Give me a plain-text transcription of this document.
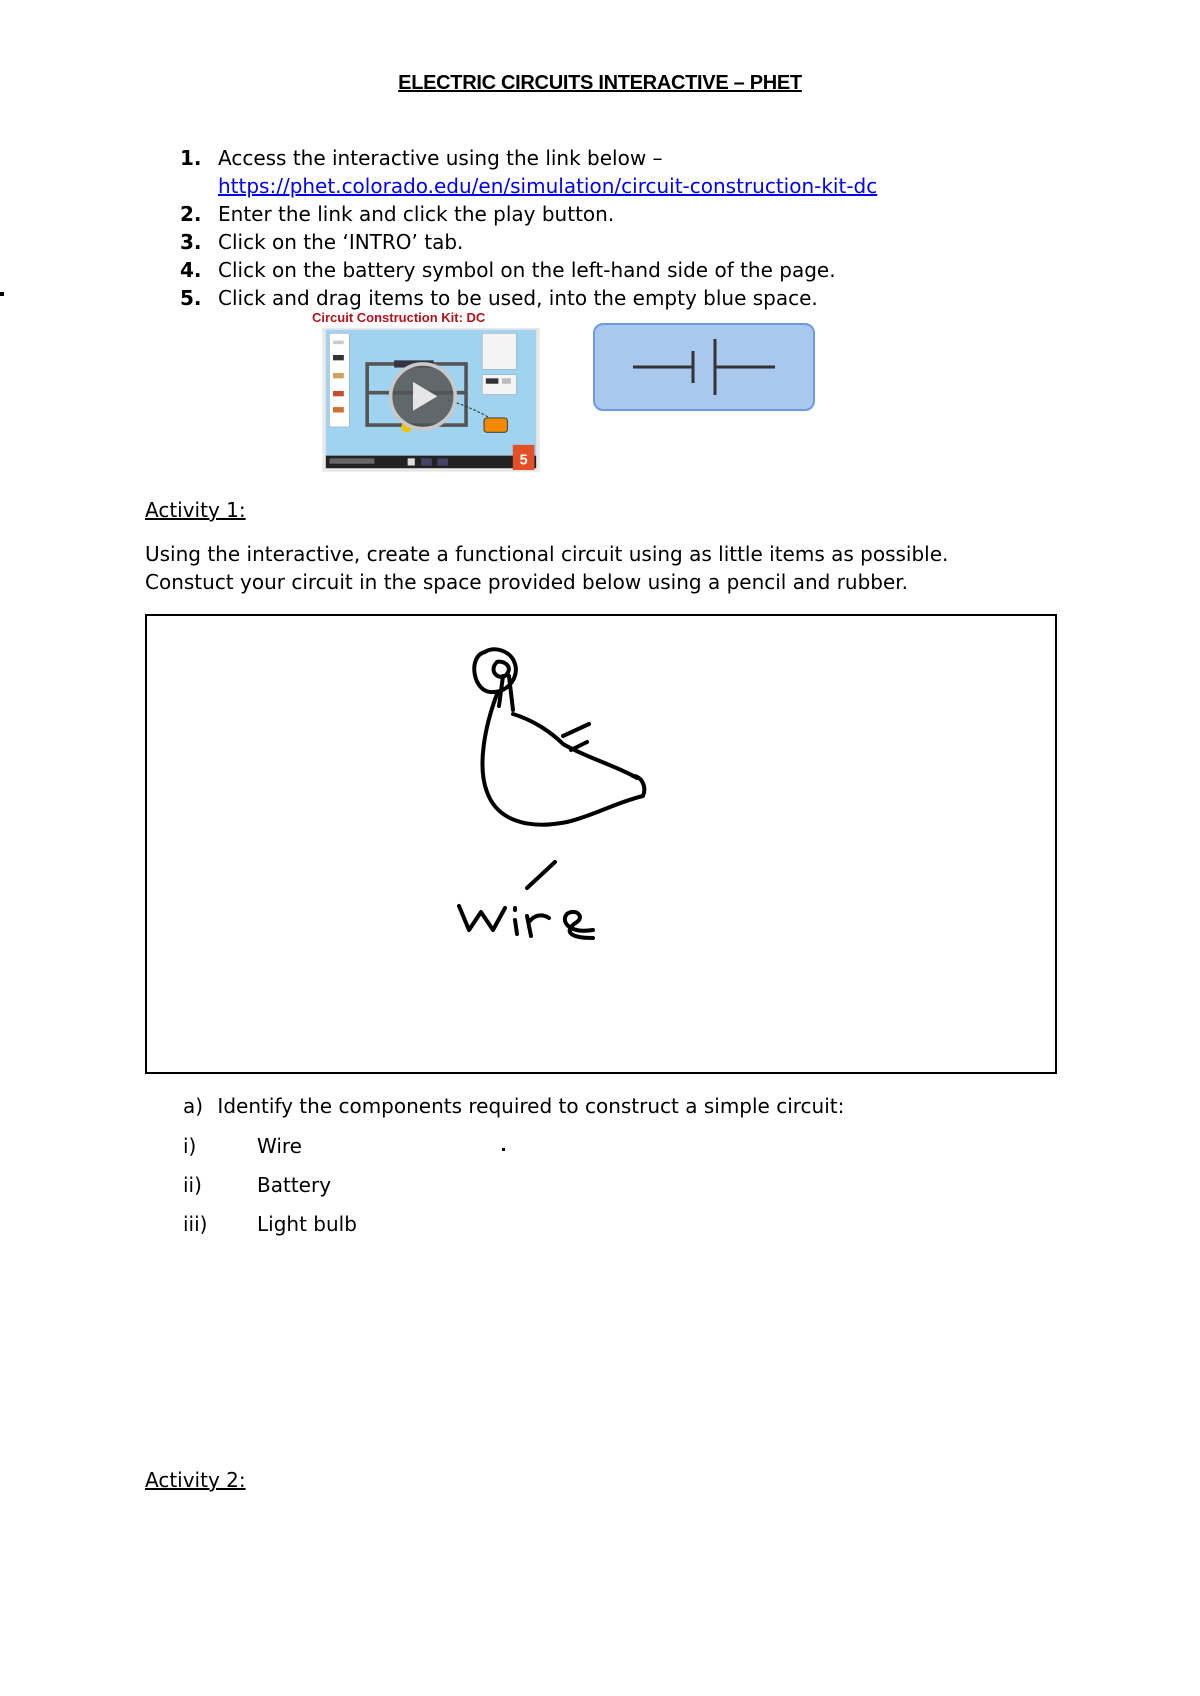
ELECTRIC CIRCUITS INTERACTIVE – PHET
1. Access the interactive using the link below –
https://phet.colorado.edu/en/simulation/circuit-construction-kit-dc
2. Enter the link and click the play button.
3. Click on the ‘INTRO’ tab.
4. Click on the battery symbol on the left-hand side of the page.
5. Click and drag items to be used, into the empty blue space.
Circuit Construction Kit: DC
5
Activity 1:
Using the interactive, create a functional circuit using as little items as possible.
Constuct your circuit in the space provided below using a pencil and rubber.
a) Identify the components required to construct a simple circuit:
i)	Wire
ii)	Battery
iii) Light bulb
Activity 2:
